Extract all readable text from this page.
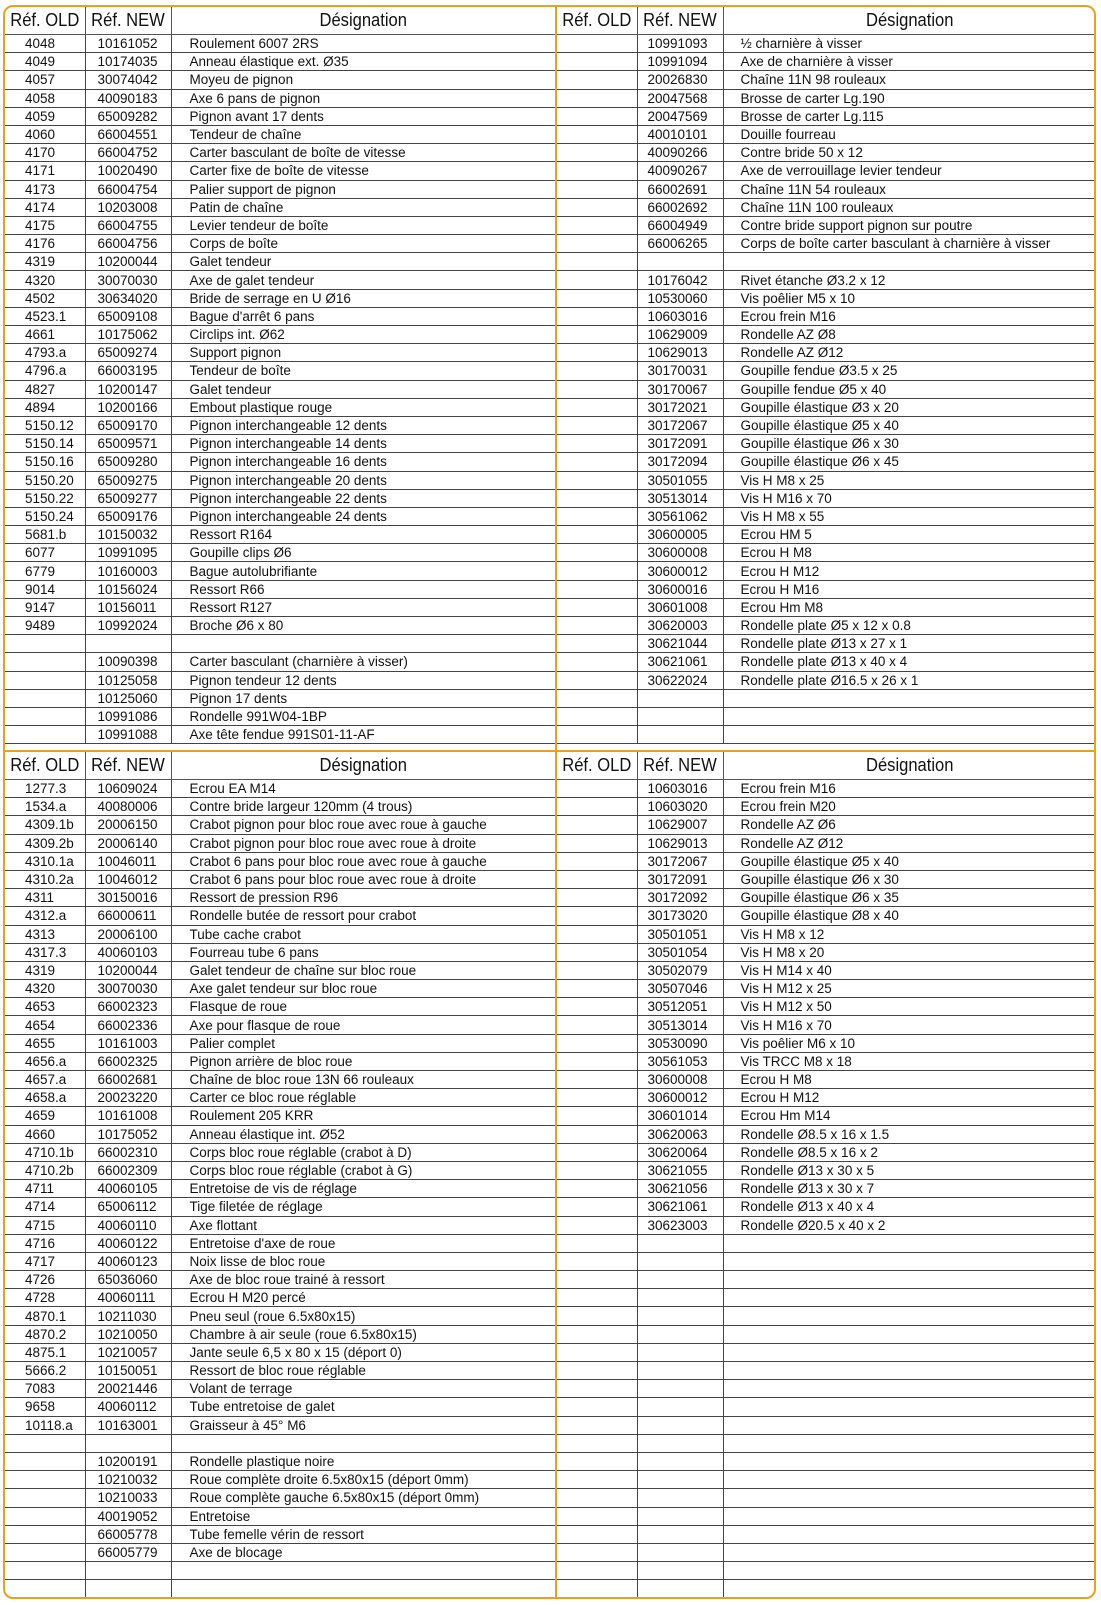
Réf. OLD	Réf. NEW	Désignation
4048	10161052	Roulement 6007 2RS
4049	10174035	Anneau élastique ext. Ø35
4057	30074042	Moyeu de pignon
4058	40090183	Axe 6 pans de pignon
4059	65009282	Pignon avant 17 dents
4060	66004551	Tendeur de chaîne
4170	66004752	Carter basculant de boîte de vitesse
4171	10020490	Carter fixe de boîte de vitesse
4173	66004754	Palier support de pignon
4174	10203008	Patin de chaîne
4175	66004755	Levier tendeur de boîte
4176	66004756	Corps de boîte
4319	10200044	Galet tendeur
4320	30070030	Axe de galet tendeur
4502	30634020	Bride de serrage en U Ø16
4523.1	65009108	Bague d'arrêt 6 pans
4661	10175062	Circlips int. Ø62
4793.a	65009274	Support pignon
4796.a	66003195	Tendeur de boîte
4827	10200147	Galet tendeur
4894	10200166	Embout plastique rouge
5150.12	65009170	Pignon interchangeable 12 dents
5150.14	65009571	Pignon interchangeable 14 dents
5150.16	65009280	Pignon interchangeable 16 dents
5150.20	65009275	Pignon interchangeable 20 dents
5150.22	65009277	Pignon interchangeable 22 dents
5150.24	65009176	Pignon interchangeable 24 dents
5681.b	10150032	Ressort R164
6077	10991095	Goupille clips Ø6
6779	10160003	Bague autolubrifiante
9014	10156024	Ressort R66
9147	10156011	Ressort R127
9489	10992024	Broche Ø6 x 80

	10090398	Carter basculant (charnière à visser)
	10125058	Pignon tendeur 12 dents
	10125060	Pignon 17 dents
	10991086	Rondelle 991W04-1BP
	10991088	Axe tête fendue 991S01-11-AF
Réf. OLD	Réf. NEW	Désignation
	10991093	½ charnière à visser
	10991094	Axe de charnière à visser
	20026830	Chaîne 11N 98 rouleaux
	20047568	Brosse de carter Lg.190
	20047569	Brosse de carter Lg.115
	40010101	Douille fourreau
	40090266	Contre bride 50 x 12
	40090267	Axe de verrouillage levier tendeur
	66002691	Chaîne 11N 54 rouleaux
	66002692	Chaîne 11N 100 rouleaux
	66004949	Contre bride support pignon sur poutre
	66006265	Corps de boîte carter basculant à charnière à visser

	10176042	Rivet étanche Ø3.2 x 12
	10530060	Vis poêlier M5 x 10
	10603016	Ecrou frein M16
	10629009	Rondelle AZ Ø8
	10629013	Rondelle AZ Ø12
	30170031	Goupille fendue Ø3.5 x 25
	30170067	Goupille fendue Ø5 x 40
	30172021	Goupille élastique Ø3 x 20
	30172067	Goupille élastique Ø5 x 40
	30172091	Goupille élastique Ø6 x 30
	30172094	Goupille élastique Ø6 x 45
	30501055	Vis H M8 x 25
	30513014	Vis H M16 x 70
	30561062	Vis H M8 x 55
	30600005	Ecrou HM 5
	30600008	Ecrou H M8
	30600012	Ecrou H M12
	30600016	Ecrou H M16
	30601008	Ecrou Hm M8
	30620003	Rondelle plate Ø5 x 12 x 0.8
	30621044	Rondelle plate Ø13 x 27 x 1
	30621061	Rondelle plate Ø13 x 40 x 4
	30622024	Rondelle plate Ø16.5 x 26 x 1

Réf. OLD	Réf. NEW	Désignation
1277.3	10609024	Ecrou EA M14
1534.a	40080006	Contre bride largeur 120mm (4 trous)
4309.1b	20006150	Crabot pignon pour bloc roue avec roue à gauche
4309.2b	20006140	Crabot pignon pour bloc roue avec roue à droite
4310.1a	10046011	Crabot 6 pans pour bloc roue avec roue à gauche
4310.2a	10046012	Crabot 6 pans pour bloc roue avec roue à droite
4311	30150016	Ressort de pression R96
4312.a	66000611	Rondelle butée de ressort pour crabot
4313	20006100	Tube cache crabot
4317.3	40060103	Fourreau tube 6 pans
4319	10200044	Galet tendeur de chaîne sur bloc roue
4320	30070030	Axe galet tendeur sur bloc roue
4653	66002323	Flasque de roue
4654	66002336	Axe pour flasque de roue
4655	10161003	Palier complet
4656.a	66002325	Pignon arrière de bloc roue
4657.a	66002681	Chaîne de bloc roue 13N 66 rouleaux
4658.a	20023220	Carter ce bloc roue réglable
4659	10161008	Roulement 205 KRR
4660	10175052	Anneau élastique int. Ø52
4710.1b	66002310	Corps bloc roue réglable (crabot à D)
4710.2b	66002309	Corps bloc roue réglable (crabot à G)
4711	40060105	Entretoise de vis de réglage
4714	65006112	Tige filetée de réglage
4715	40060110	Axe flottant
4716	40060122	Entretoise d'axe de roue
4717	40060123	Noix lisse de bloc roue
4726	65036060	Axe de bloc roue trainé à ressort
4728	40060111	Ecrou H M20 percé
4870.1	10211030	Pneu seul (roue 6.5x80x15)
4870.2	10210050	Chambre à air seule (roue 6.5x80x15)
4875.1	10210057	Jante seule 6,5 x 80 x 15 (déport 0)
5666.2	10150051	Ressort de bloc roue réglable
7083	20021446	Volant de terrage
9658	40060112	Tube entretoise de galet
10118.a	10163001	Graisseur à 45° M6

	10200191	Rondelle plastique noire
	10210032	Roue complète droite 6.5x80x15 (déport 0mm)
	10210033	Roue complète gauche 6.5x80x15 (déport 0mm)
	40019052	Entretoise
	66005778	Tube femelle vérin de ressort
	66005779	Axe de blocage

Réf. OLD	Réf. NEW	Désignation
	10603016	Ecrou frein M16
	10603020	Ecrou frein M20
	10629007	Rondelle AZ Ø6
	10629013	Rondelle AZ Ø12
	30172067	Goupille élastique Ø5 x 40
	30172091	Goupille élastique Ø6 x 30
	30172092	Goupille élastique Ø6 x 35
	30173020	Goupille élastique Ø8 x 40
	30501051	Vis H M8 x 12
	30501054	Vis H M8 x 20
	30502079	Vis H M14 x 40
	30507046	Vis H M12 x 25
	30512051	Vis H M12 x 50
	30513014	Vis H M16 x 70
	30530090	Vis poêlier M6 x 10
	30561053	Vis TRCC M8 x 18
	30600008	Ecrou H M8
	30600012	Ecrou H M12
	30601014	Ecrou Hm M14
	30620063	Rondelle Ø8.5 x 16 x 1.5
	30620064	Rondelle Ø8.5 x 16 x 2
	30621055	Rondelle Ø13 x 30 x 5
	30621056	Rondelle Ø13 x 30 x 7
	30621061	Rondelle Ø13 x 40 x 4
	30623003	Rondelle Ø20.5 x 40 x 2
